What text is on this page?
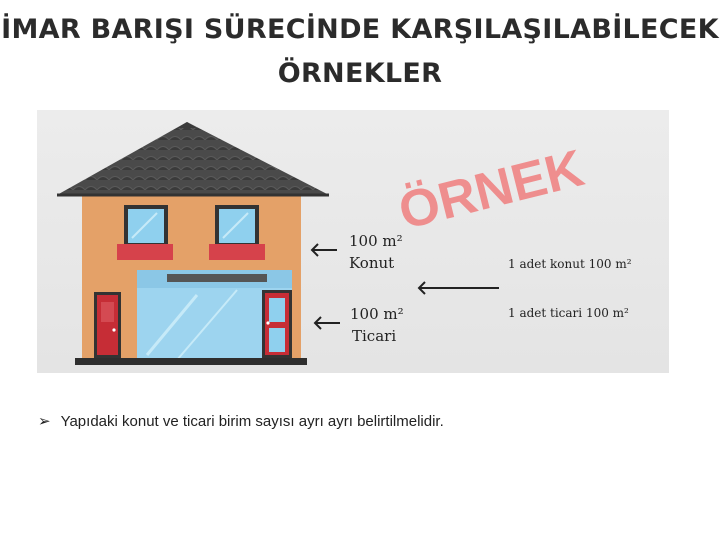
İMAR BARIŞI SÜRECİNDE KARŞILAŞILABİLECEK
ÖRNEKLER
ÖRNEK
100 m²
Konut
100 m²
Ticari
1 adet konut 100 m²
1 adet ticari 100 m²
➢ Yapıdaki konut ve ticari birim sayısı ayrı ayrı belirtilmelidir.
